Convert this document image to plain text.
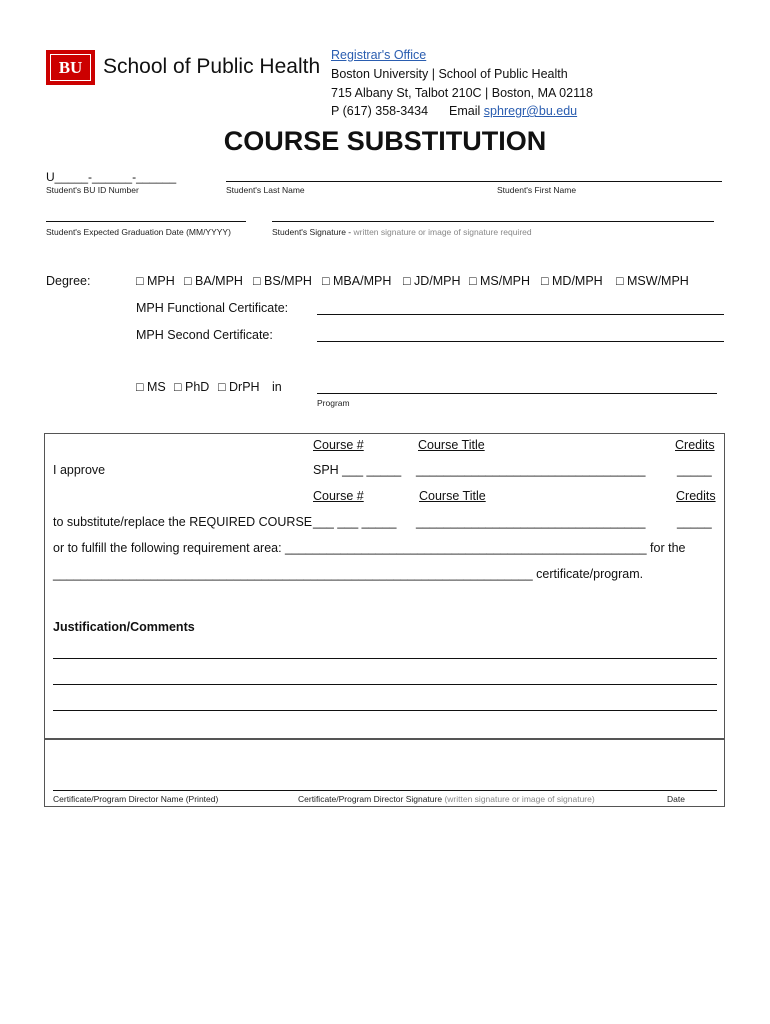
BU School of Public Health Registrar's Office
Boston University | School of Public Health
715 Albany St, Talbot 210C | Boston, MA 02118
P (617) 358-3434 Email sphregr@bu.edu
COURSE SUBSTITUTION
U_____-______-______
Student's BU ID Number	Student's Last Name	Student's First Name
Student's Expected Graduation Date (MM/YYYY)	Student's Signature - written signature or image of signature required
Degree:	□ MPH □ BA/MPH □ BS/MPH □ MBA/MPH □ JD/MPH □ MS/MPH □ MD/MPH □ MSW/MPH
MPH Functional Certificate:
MPH Second Certificate:
□ MS □ PhD □ DrPH in
Program
Course #	Course Title	Credits
I approve	SPH ___ _____ _________________________________	_____
Course #	Course Title	Credits
to substitute/replace the REQUIRED COURSE ___ ___ _____ _________________________________	_____
or to fulfill the following requirement area: ____________________________________________________ for the
_____________________________________________________________________ certificate/program.
Justification/Comments
Certificate/Program Director Name (Printed)	Certificate/Program Director Signature (written signature or image of signature)	Date
